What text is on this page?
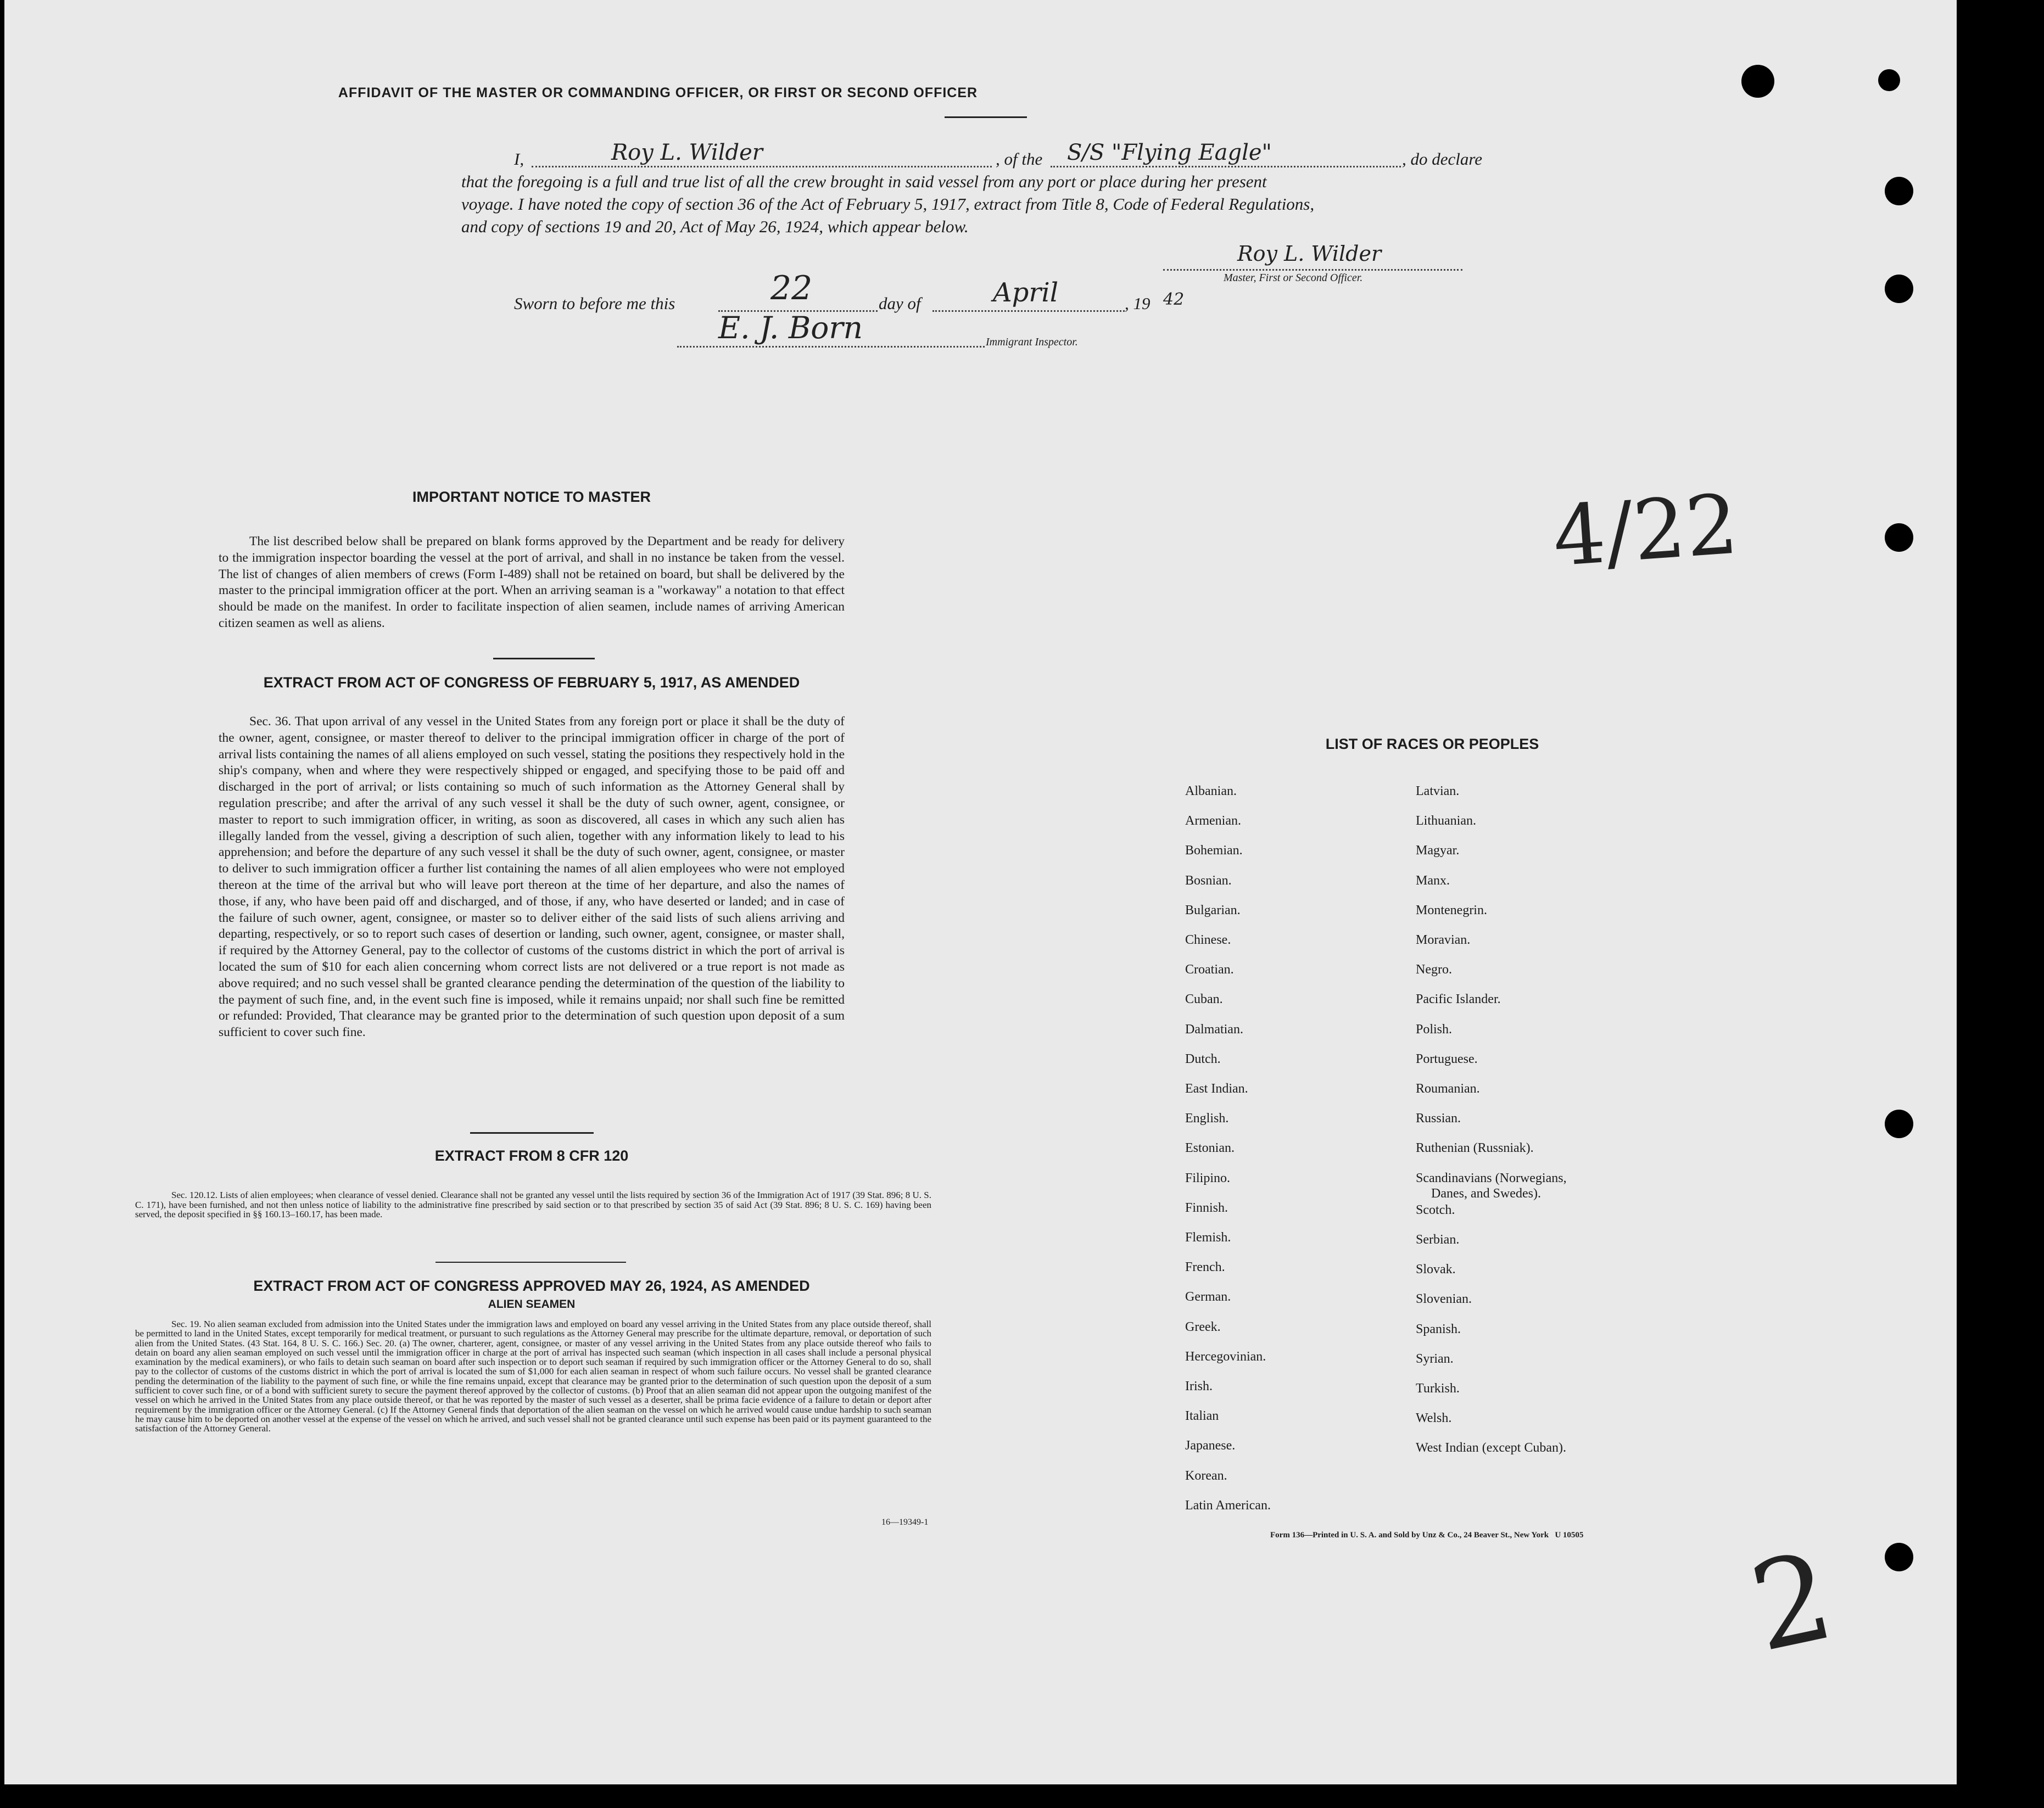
AFFIDAVIT OF THE MASTER OR COMMANDING OFFICER, OR FIRST OR SECOND OFFICER
I,	Roy L. Wilder	, of the S/S "Flying Eagle"	, do declare
that the foregoing is a full and true list of all the crew brought in said vessel from any port or place during her present
voyage. I have noted the copy of section 36 of the Act of February 5, 1917, extract from Title 8, Code of Federal Regulations,
and copy of sections 19 and 20, Act of May 26, 1924, which appear below.
Roy L. Wilder
Master, First or Second Officer.
Sworn to before me this	22	day of	April	, 19 42
E. J. Born	Immigrant Inspector.
IMPORTANT NOTICE TO MASTER

The list described below shall be prepared on blank forms approved by the Department and be ready for delivery to the immigration inspector boarding the vessel at the port of arrival, and shall in no instance be taken from the vessel. The list of changes of alien members of crews (Form I-489) shall not be retained on board, but shall be delivered by the master to the principal immigration officer at the port. When an arriving seaman is a "workaway" a notation to that effect should be made on the manifest. In order to facilitate inspection of alien seamen, include names of arriving American citizen seamen as well as aliens.

EXTRACT FROM ACT OF CONGRESS OF FEBRUARY 5, 1917, AS AMENDED

Sec. 36. That upon arrival of any vessel in the United States from any foreign port or place it shall be the duty of the owner, agent, consignee, or master thereof to deliver to the principal immigration officer in charge of the port of arrival lists containing the names of all aliens employed on such vessel, stating the positions they respectively hold in the ship's company, when and where they were respectively shipped or engaged, and specifying those to be paid off and discharged in the port of arrival; or lists containing so much of such information as the Attorney General shall by regulation prescribe; and after the arrival of any such vessel it shall be the duty of such owner, agent, consignee, or master to report to such immigration officer, in writing, as soon as discovered, all cases in which any such alien has illegally landed from the vessel, giving a description of such alien, together with any information likely to lead to his apprehension; and before the departure of any such vessel it shall be the duty of such owner, agent, consignee, or master to deliver to such immigration officer a further list containing the names of all alien employees who were not employed thereon at the time of the arrival but who will leave port thereon at the time of her departure, and also the names of those, if any, who have been paid off and discharged, and of those, if any, who have deserted or landed; and in case of the failure of such owner, agent, consignee, or master so to deliver either of the said lists of such aliens arriving and departing, respectively, or so to report such cases of desertion or landing, such owner, agent, consignee, or master shall, if required by the Attorney General, pay to the collector of customs of the customs district in which the port of arrival is located the sum of $10 for each alien concerning whom correct lists are not delivered or a true report is not made as above required; and no such vessel shall be granted clearance pending the determination of the question of the liability to the payment of such fine, and, in the event such fine is imposed, while it remains unpaid; nor shall such fine be remitted or refunded: Provided, That clearance may be granted prior to the determination of such question upon deposit of a sum sufficient to cover such fine.

EXTRACT FROM 8 CFR 120

Sec. 120.12. Lists of alien employees; when clearance of vessel denied. Clearance shall not be granted any vessel until the lists required by section 36 of the Immigration Act of 1917 (39 Stat. 896; 8 U. S. C. 171), have been furnished, and not then unless notice of liability to the administrative fine prescribed by said section or to that prescribed by section 35 of said Act (39 Stat. 896; 8 U. S. C. 169) having been served, the deposit specified in §§ 160.13–160.17, has been made.

EXTRACT FROM ACT OF CONGRESS APPROVED MAY 26, 1924, AS AMENDED
ALIEN SEAMEN

Sec. 19. No alien seaman excluded from admission into the United States under the immigration laws and employed on board any vessel arriving in the United States from any place outside thereof, shall be permitted to land in the United States, except temporarily for medical treatment, or pursuant to such regulations as the Attorney General may prescribe for the ultimate departure, removal, or deportation of such alien from the United States. (43 Stat. 164, 8 U. S. C. 166.) Sec. 20. (a) The owner, charterer, agent, consignee, or master of any vessel arriving in the United States from any place outside thereof who fails to detain on board any alien seaman employed on such vessel until the immigration officer in charge at the port of arrival has inspected such seaman (which inspection in all cases shall include a personal physical examination by the medical examiners), or who fails to detain such seaman on board after such inspection or to deport such seaman if required by such immigration officer or the Attorney General to do so, shall pay to the collector of customs of the customs district in which the port of arrival is located the sum of $1,000 for each alien seaman in respect of whom such failure occurs. No vessel shall be granted clearance pending the determination of the liability to the payment of such fine, or while the fine remains unpaid, except that clearance may be granted prior to the determination of such question upon the deposit of a sum sufficient to cover such fine, or of a bond with sufficient surety to secure the payment thereof approved by the collector of customs. (b) Proof that an alien seaman did not appear upon the outgoing manifest of the vessel on which he arrived in the United States from any place outside thereof, or that he was reported by the master of such vessel as a deserter, shall be prima facie evidence of a failure to detain or deport after requirement by the immigration officer or the Attorney General. (c) If the Attorney General finds that deportation of the alien seaman on the vessel on which he arrived would cause undue hardship to such seaman he may cause him to be deported on another vessel at the expense of the vessel on which he arrived, and such vessel shall not be granted clearance until such expense has been paid or its payment guaranteed to the satisfaction of the Attorney General.

16—19349-1
4/22
2
LIST OF RACES OR PEOPLES
Albanian.
Armenian.
Bohemian.
Bosnian.
Bulgarian.
Chinese.
Croatian.
Cuban.
Dalmatian.
Dutch.
East Indian.
English.
Estonian.
Filipino.
Finnish.
Flemish.
French.
German.
Greek.
Hercegovinian.
Irish.
Italian
Japanese.
Korean.
Latin American.
Latvian.
Lithuanian.
Magyar.
Manx.
Montenegrin.
Moravian.
Negro.
Pacific Islander.
Polish.
Portuguese.
Roumanian.
Russian.
Ruthenian (Russniak).
Scandinavians (Norwegians,
Danes, and Swedes).
Scotch.
Serbian.
Slovak.
Slovenian.
Spanish.
Syrian.
Turkish.
Welsh.
West Indian (except Cuban).
Form 136—Printed in U. S. A. and Sold by Unz & Co., 24 Beaver St., New York   U 10505
